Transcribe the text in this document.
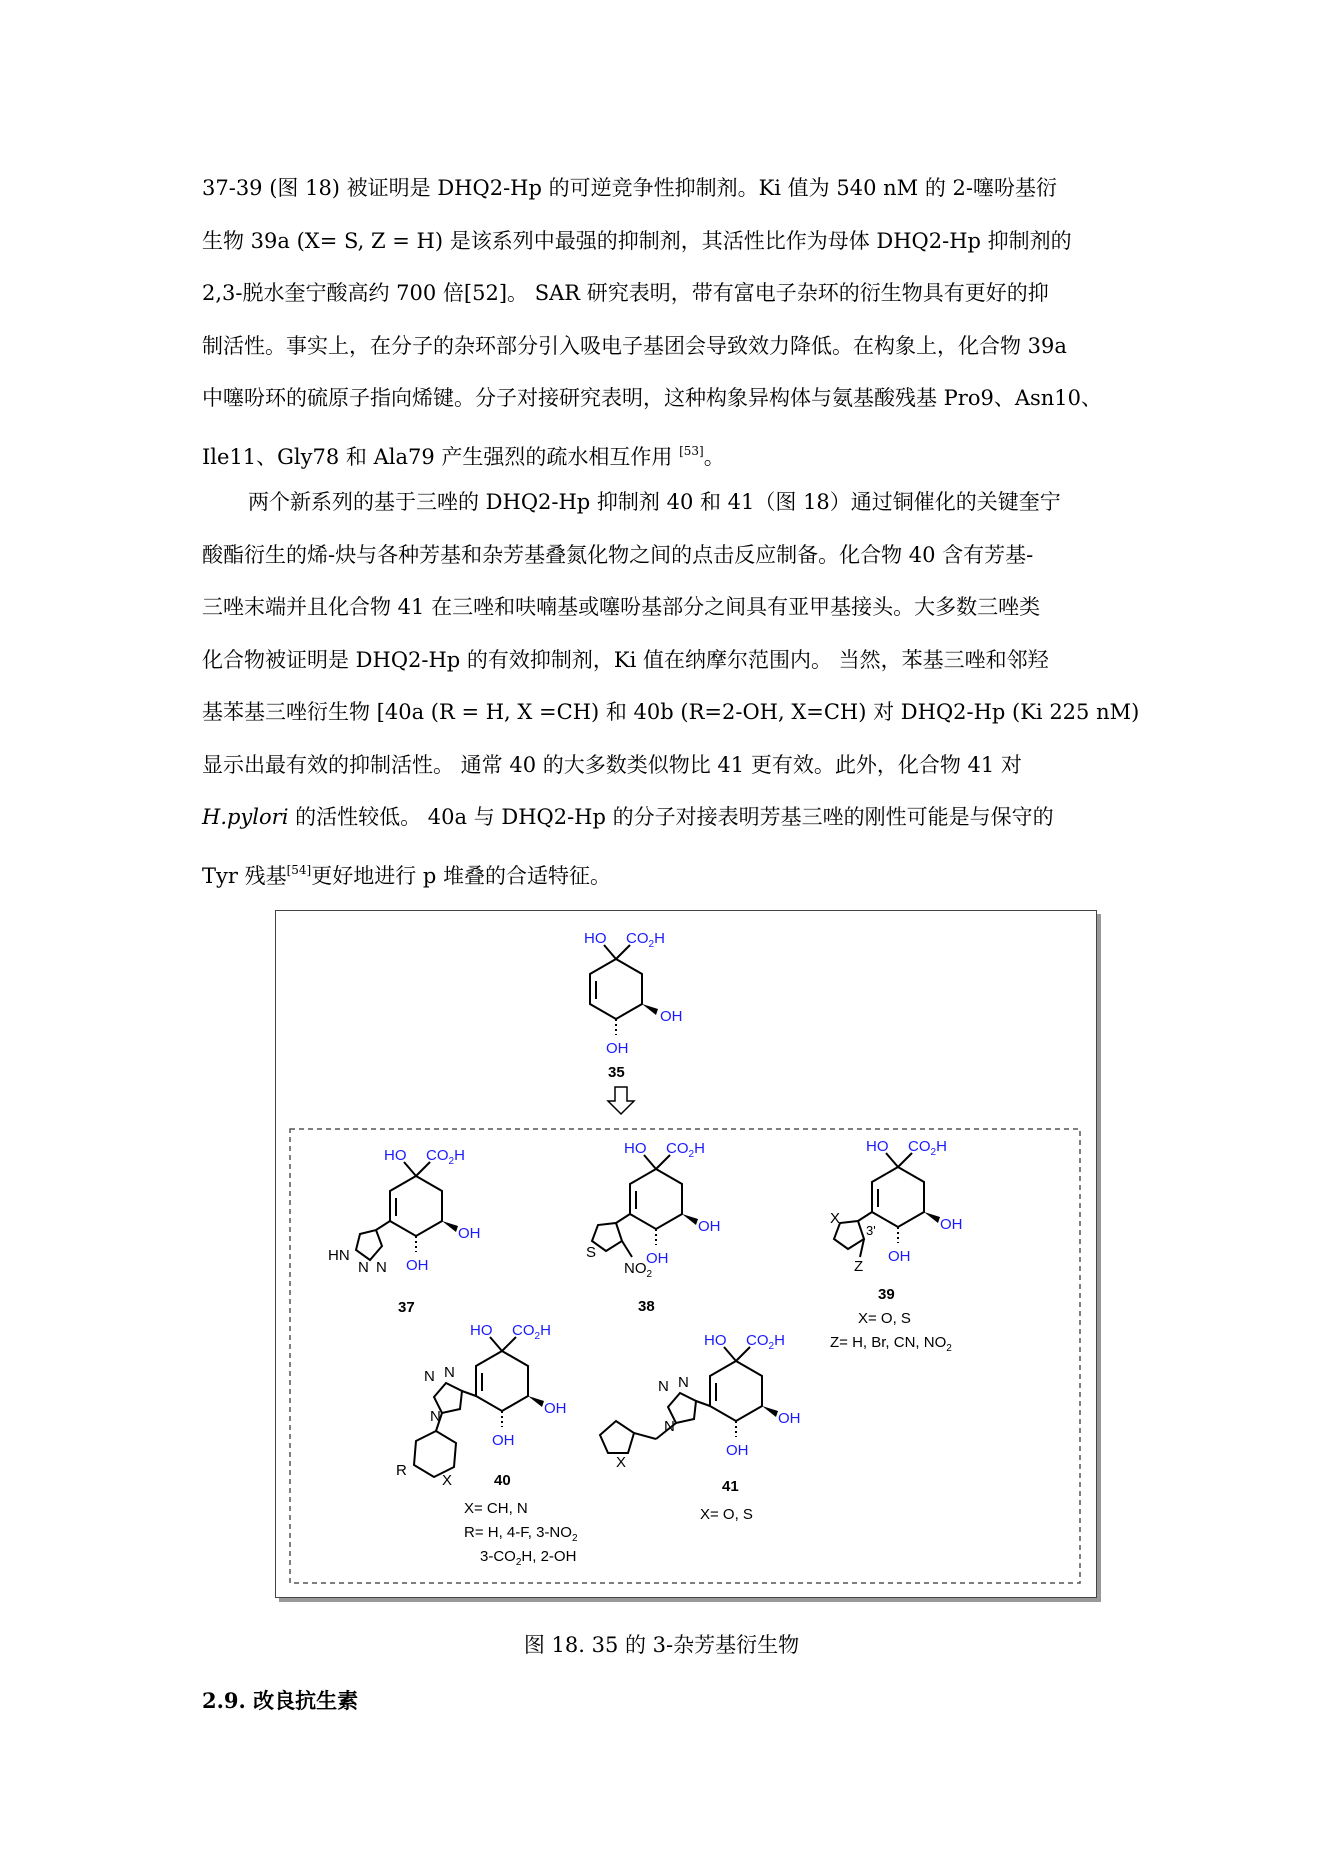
37-39 (图 18) 被证明是 DHQ2-Hp 的可逆竞争性抑制剂。Ki 值为 540 nM 的 2-噻吩基衍
生物 39a (X= S, Z = H) 是该系列中最强的抑制剂，其活性比作为母体 DHQ2-Hp 抑制剂的
2,3-脱水奎宁酸高约 700 倍[52]。 SAR 研究表明，带有富电子杂环的衍生物具有更好的抑
制活性。事实上，在分子的杂环部分引入吸电子基团会导致效力降低。在构象上，化合物 39a
中噻吩环的硫原子指向烯键。分子对接研究表明，这种构象异构体与氨基酸残基 Pro9、Asn10、
Ile11、Gly78 和 Ala79 产生强烈的疏水相互作用 [53]。
两个新系列的基于三唑的 DHQ2-Hp 抑制剂 40 和 41（图 18）通过铜催化的关键奎宁
酸酯衍生的烯-炔与各种芳基和杂芳基叠氮化物之间的点击反应制备。化合物 40 含有芳基-
三唑末端并且化合物 41 在三唑和呋喃基或噻吩基部分之间具有亚甲基接头。大多数三唑类
化合物被证明是 DHQ2-Hp 的有效抑制剂，Ki 值在纳摩尔范围内。 当然，苯基三唑和邻羟
基苯基三唑衍生物 [40a (R = H, X =CH) 和 40b (R=2-OH, X=CH) 对 DHQ2-Hp (Ki 225 nM)
显示出最有效的抑制活性。 通常 40 的大多数类似物比 41 更有效。此外，化合物 41 对
H.pylori 的活性较低。 40a 与 DHQ2-Hp 的分子对接表明芳基三唑的刚性可能是与保守的
Tyr 残基[54]更好地进行 p 堆叠的合适特征。
HO $CO_2H$
OH
OH
35
HO $CO_2H$
OH
OH
HN
N N
37
HO $CO_2H$
OH
OH
S
$NO_2$
38
HO $CO_2H$
OH
OH
X
3'
Z
39
X= O, S
Z= H, Br, CN, $NO_2$
HO $CO_2H$
OH
OH
N N
N
R
X	40
X= CH, N
R= H, 4-F, $3-NO_2$
$3-CO_2H$, 2-OH
HO $CO_2H$
OH
OH
N N
N
X
41
X= O, S
图 18. 35 的 3-杂芳基衍生物
2.9. 改良抗生素
